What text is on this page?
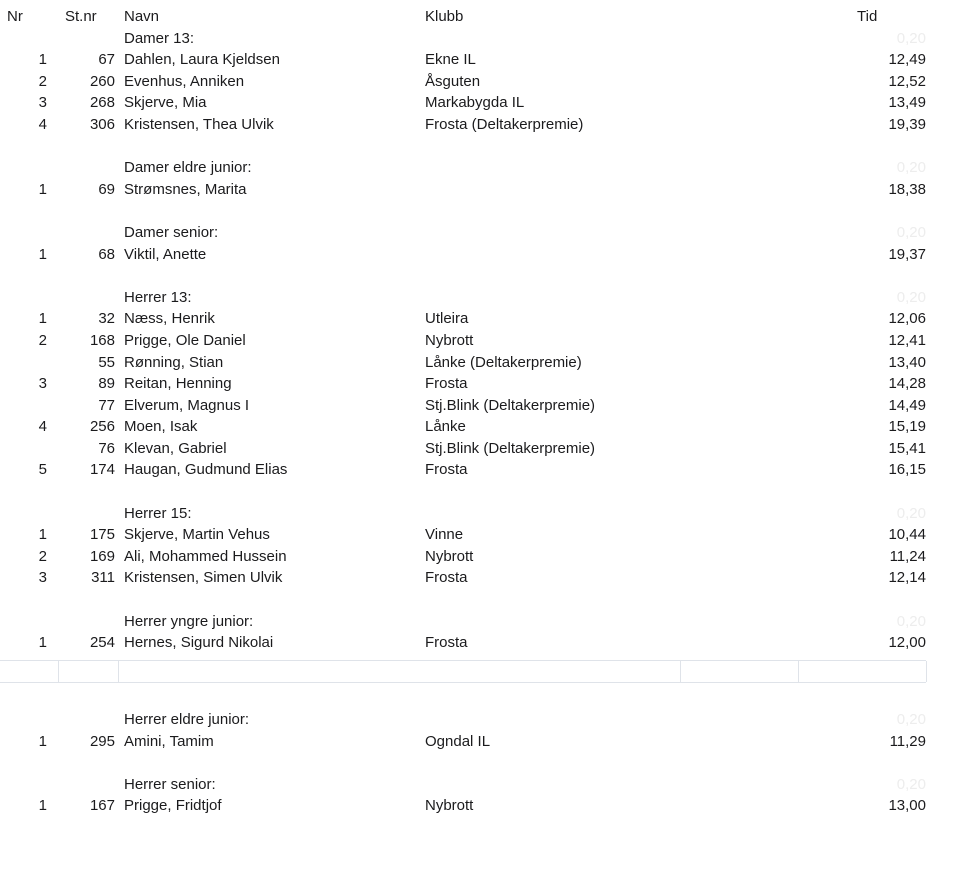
Nr	St.nr Navn	Klubb	Tid
Damer 13:	0,20
1	67 Dahlen, Laura Kjeldsen	Ekne IL	12,49
2	260 Evenhus, Anniken	Åsguten	12,52
3	268 Skjerve, Mia	Markabygda IL	13,49
4	306 Kristensen, Thea Ulvik	Frosta (Deltakerpremie)	19,39
Damer eldre junior:	0,20
1	69 Strømsnes, Marita	18,38
Damer senior:	0,20
1	68 Viktil, Anette	19,37
Herrer 13:	0,20
1	32 Næss, Henrik	Utleira	12,06
2	168 Prigge, Ole Daniel	Nybrott	12,41
55 Rønning, Stian	Lånke (Deltakerpremie)	13,40
3	89 Reitan, Henning	Frosta	14,28
77 Elverum, Magnus I	Stj.Blink (Deltakerpremie)	14,49
4	256 Moen, Isak	Lånke	15,19
76 Klevan, Gabriel	Stj.Blink (Deltakerpremie)	15,41
5	174 Haugan, Gudmund Elias	Frosta	16,15
Herrer 15:	0,20
1	175 Skjerve, Martin Vehus	Vinne	10,44
2	169 Ali, Mohammed Hussein	Nybrott	11,24
3	311 Kristensen, Simen Ulvik	Frosta	12,14
Herrer yngre junior:	0,20
1	254 Hernes, Sigurd Nikolai	Frosta	12,00
Herrer eldre junior:	0,20
1	295 Amini, Tamim	Ogndal IL	11,29
Herrer senior:	0,20
1	167 Prigge, Fridtjof	Nybrott	13,00
